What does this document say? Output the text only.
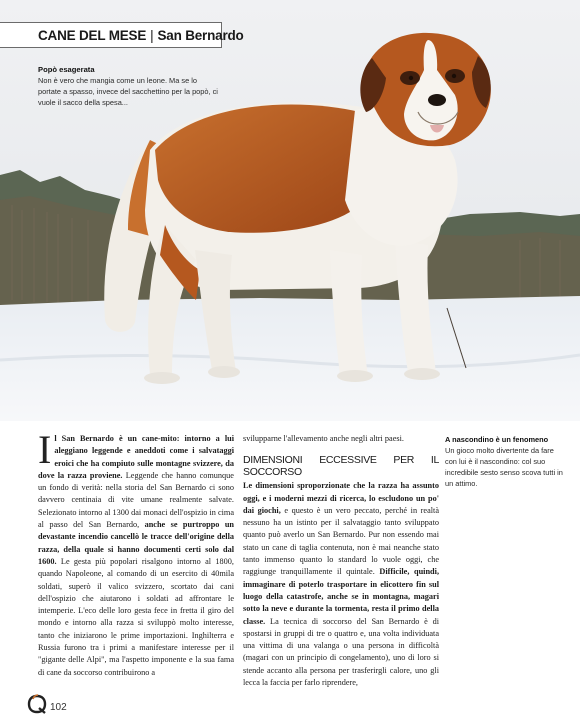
CANE DEL MESE | San Bernardo
Popò esagerata
Non è vero che mangia come un leone. Ma se lo portate a spasso, invece del sacchettino per la popò, ci vuole il sacco della spesa...

Il San Bernardo è un cane-mito: intorno a lui aleggiano leggende e aneddoti come i salvataggi eroici che ha compiuto sulle montagne svizzere, da dove la razza proviene. Leggende che hanno comunque un fondo di verità: nella storia del San Bernardo ci sono davvero centinaia di vite umane realmente salvate. Selezionato intorno al 1300 dai monaci dell'ospizio in cima al passo del San Bernardo, anche se purtroppo un devastante incendio cancellò le tracce dell'origine della razza, della quale si hanno documenti certi solo dal 1600. Le gesta più popolari risalgono intorno al 1800, quando Napoleone, al comando di un esercito di 40mila soldati, superò il valico svizzero, scortato dai cani dell'ospizio che aiutarono i soldati ad affrontare le intemperie. L'eco delle loro gesta fece in fretta il giro del mondo e intorno alla razza si sviluppò molto interesse, tanto che iniziarono le prime importazioni. Inghilterra e Russia furono tra i primi a manifestare interesse per il "gigante delle Alpi", ma l'aspetto imponente e la sua fama di cane da soccorso contribuirono a

svilupparne l'allevamento anche negli altri paesi.

DIMENSIONI ECCESSIVE PER IL SOCCORSO

Le dimensioni sproporzionate che la razza ha assunto oggi, e i moderni mezzi di ricerca, lo escludono un po' dai giochi, e questo è un vero peccato, perché in realtà nessuno ha un istinto per il salvataggio tanto sviluppato quanto può averlo un San Bernardo. Pur non essendo mai stato un cane di taglia contenuta, non è mai neanche stato tanto immenso quanto lo standard lo vuole oggi, che raggiunge tranquillamente il quintale. Difficile, quindi, immaginare di poterlo trasportare in elicottero fin sul luogo della catastrofe, anche se in montagna, magari sotto la neve e durante la tormenta, resta il primo della classe. La tecnica di soccorso del San Bernardo è di spostarsi in gruppi di tre o quattro e, una volta individuata una vittima di una valanga o una persona in difficoltà (magari con un principio di congelamento), uno di loro si stende accanto alla persona per trasferirgli calore, uno gli lecca la faccia per farlo riprendere,

A nascondino è un fenomeno
Un gioco molto divertente da fare con lui è il nascondino: col suo incredibile sesto senso scova tutti in un attimo.
102
